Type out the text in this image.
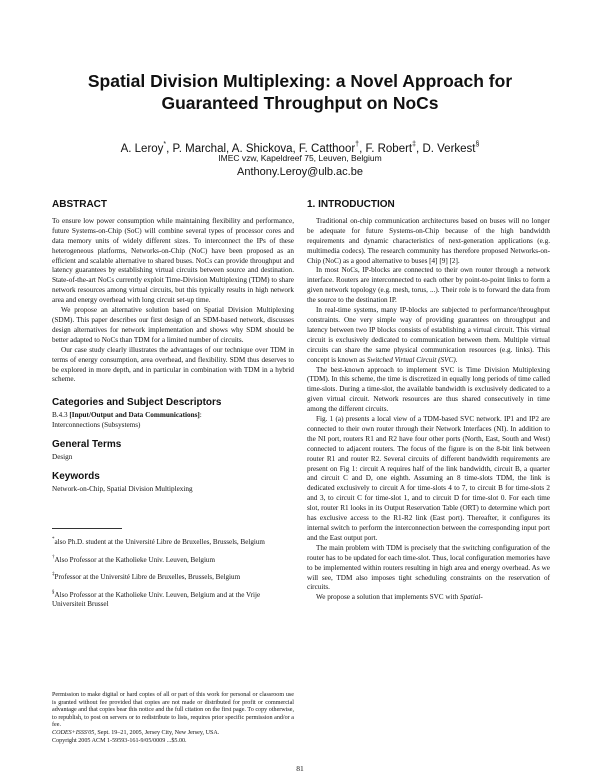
Spatial Division Multiplexing: a Novel Approach for
Guaranteed Throughput on NoCs
A. Leroy*, P. Marchal, A. Shickova, F. Catthoor†, F. Robert‡, D. Verkest§
IMEC vzw, Kapeldreef 75, Leuven, Belgium
Anthony.Leroy@ulb.ac.be
ABSTRACT

To ensure low power consumption while maintaining flexibility and performance, future Systems-on-Chip (SoC) will combine several types of processor cores and data memory units of widely different sizes. To interconnect the IPs of these heterogeneous platforms, Networks-on-Chip (NoC) have been proposed as an efficient and scalable alternative to shared buses. NoCs can provide throughput and latency guarantees by establishing virtual circuits between source and destination. State-of-the-art NoCs currently exploit Time-Division Multiplexing (TDM) to share network resources among virtual circuits, but this typically results in high network area and energy overhead with long circuit set-up time.

We propose an alternative solution based on Spatial Division Multiplexing (SDM). This paper describes our first design of an SDM-based network, discusses design alternatives for network implementation and shows why SDM should be better adapted to NoCs than TDM for a limited number of circuits.

Our case study clearly illustrates the advantages of our technique over TDM in terms of energy consumption, area overhead, and flexibility. SDM thus deserves to be explored in more depth, and in particular in combination with TDM in a hybrid scheme.

Categories and Subject Descriptors

B.4.3 [Input/Output and Data Communications]:

Interconnections (Subsystems)

General Terms

Design

Keywords

Network-on-Chip, Spatial Division Multiplexing

*also Ph.D. student at the Université Libre de Bruxelles, Brussels, Belgium
†Also Professor at the Katholieke Univ. Leuven, Belgium
‡Professor at the Université Libre de Bruxelles, Brussels, Belgium
§Also Professor at the Katholieke Univ. Leuven, Belgium and at the Vrije Universiteit Brussel

Permission to make digital or hard copies of all or part of this work for personal or classroom use is granted without fee provided that copies are not made or distributed for profit or commercial advantage and that copies bear this notice and the full citation on the first page. To copy otherwise, to republish, to post on servers or to redistribute to lists, requires prior specific permission and/or a fee.

CODES+ISSS'05, Sept. 19–21, 2005, Jersey City, New Jersey, USA.

Copyright 2005 ACM 1-59593-161-9/05/0009 ...$5.00.

1. INTRODUCTION

Traditional on-chip communication architectures based on buses will no longer be adequate for future Systems-on-Chip because of the high bandwidth requirements and dynamic characteristics of next-generation applications (e.g. multimedia codecs). The research community has therefore proposed Networks-on-Chip (NoC) as a good alternative to buses [4] [9] [2].

In most NoCs, IP-blocks are connected to their own router through a network interface. Routers are interconnected to each other by point-to-point links to form a given network topology (e.g. mesh, torus, ...). Their role is to forward the data from the source to the destination IP.

In real-time systems, many IP-blocks are subjected to performance/throughput constraints. One very simple way of providing guarantees on throughput and latency between two IP blocks consists of establishing a virtual circuit. This virtual circuit is exclusively dedicated to communication between them. Multiple virtual circuits can share the same physical communication resources (e.g. links). This concept is known as Switched Virtual Circuit (SVC).

The best-known approach to implement SVC is Time Division Multiplexing (TDM). In this scheme, the time is discretized in equally long periods of time called time-slots. During a time-slot, the available bandwidth is exclusively dedicated to a given virtual circuit. Network resources are thus shared consecutively in time among the different circuits.

Fig. 1 (a) presents a local view of a TDM-based SVC network. IP1 and IP2 are connected to their own router through their Network Interfaces (NI). In addition to the NI port, routers R1 and R2 have four other ports (North, East, South and West) connected to adjacent routers. The focus of the figure is on the 8-bit link between router R1 and router R2. Several circuits of different bandwidth requirements are present on Fig 1: circuit A requires half of the link bandwidth, circuit B, a quarter and circuit C and D, one eighth. Assuming an 8 time-slots TDM, the link is dedicated exclusively to circuit A for time-slots 4 to 7, to circuit B for time-slots 2 and 3, to circuit C for time-slot 1, and to circuit D for time-slot 0. For each time slot, router R1 looks in its Output Reservation Table (ORT) to determine which port has exclusive access to the R1-R2 link (East port). Thereafter, it configures its internal switch to perform the interconnection between the corresponding input port and the East output port.

The main problem with TDM is precisely that the switching configuration of the router has to be updated for each time-slot. Thus, local configuration memories have to be implemented within routers resulting in high area and energy overhead. As we will see, TDM also imposes tight scheduling constraints on the reservation of circuits.

We propose a solution that implements SVC with Spatial-

81
